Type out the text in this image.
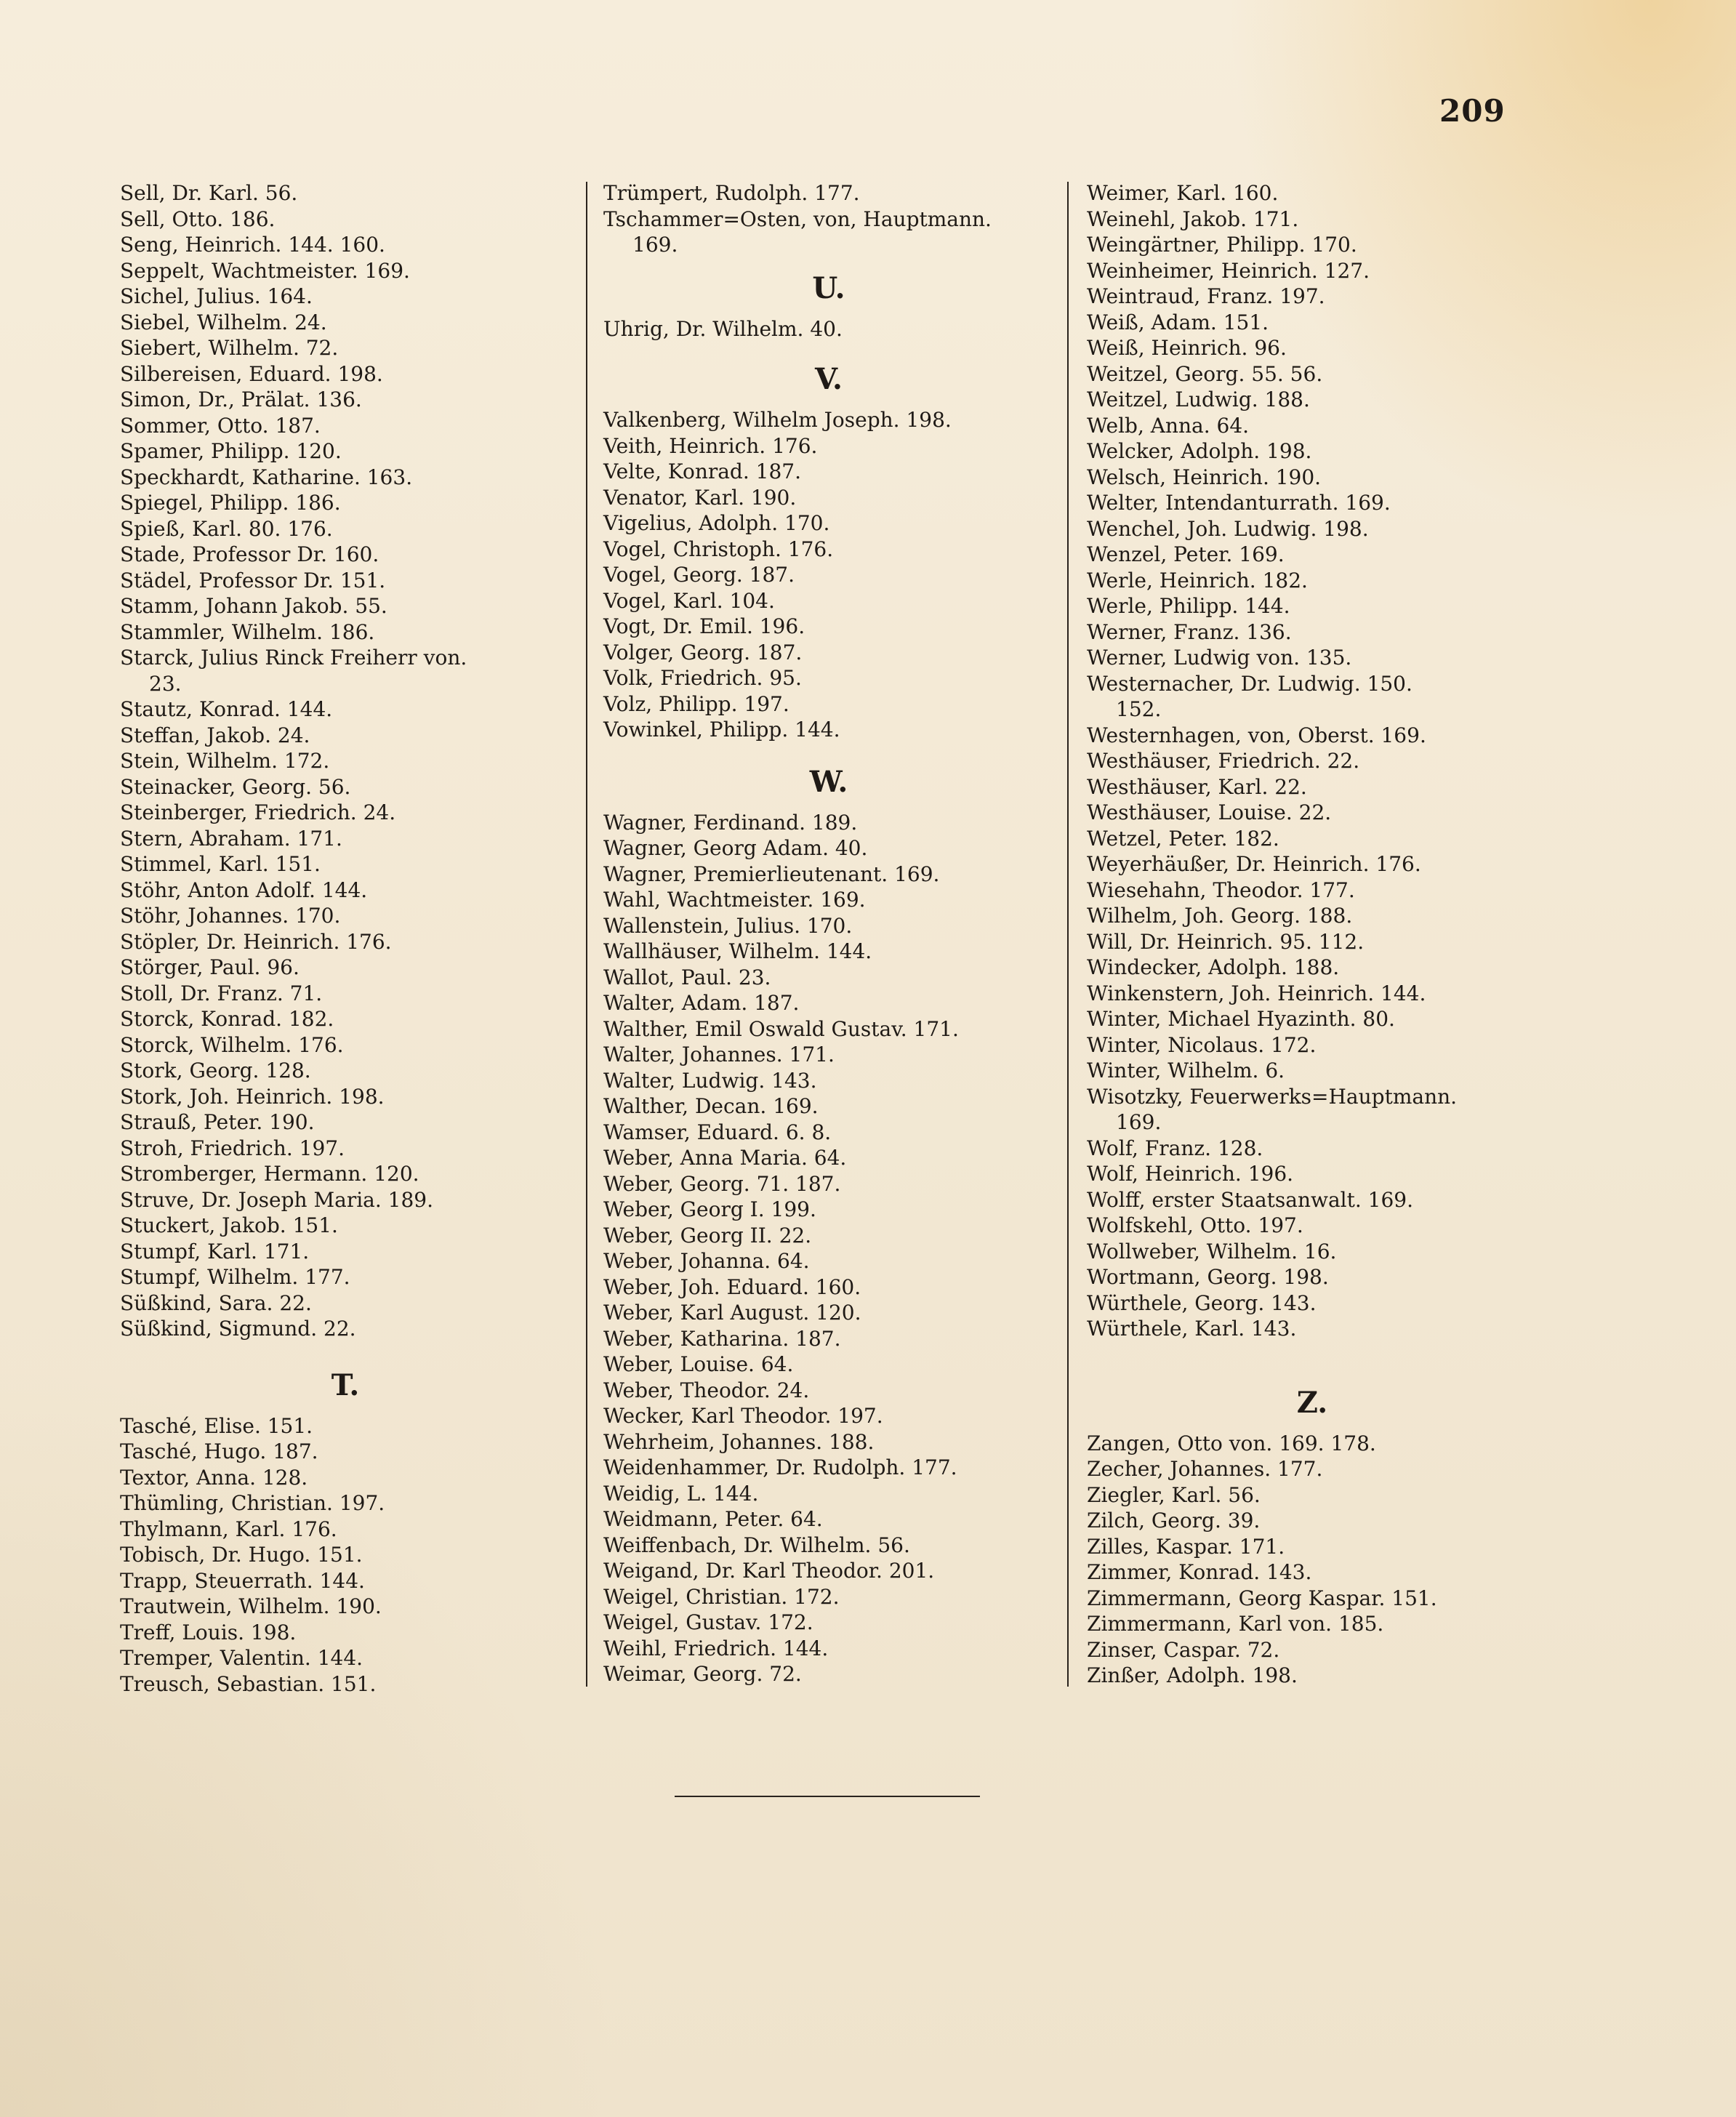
209
Sell, Dr. Karl. 56.
Sell, Otto. 186.
Seng, Heinrich. 144. 160.
Seppelt, Wachtmeister. 169.
Sichel, Julius. 164.
Siebel, Wilhelm. 24.
Siebert, Wilhelm. 72.
Silbereisen, Eduard. 198.
Simon, Dr., Prälat. 136.
Sommer, Otto. 187.
Spamer, Philipp. 120.
Speckhardt, Katharine. 163.
Spiegel, Philipp. 186.
Spieß, Karl. 80. 176.
Stade, Professor Dr. 160.
Städel, Professor Dr. 151.
Stamm, Johann Jakob. 55.
Stammler, Wilhelm. 186.
Starck, Julius Rinck Freiherr von.
23.
Stautz, Konrad. 144.
Steffan, Jakob. 24.
Stein, Wilhelm. 172.
Steinacker, Georg. 56.
Steinberger, Friedrich. 24.
Stern, Abraham. 171.
Stimmel, Karl. 151.
Stöhr, Anton Adolf. 144.
Stöhr, Johannes. 170.
Stöpler, Dr. Heinrich. 176.
Störger, Paul. 96.
Stoll, Dr. Franz. 71.
Storck, Konrad. 182.
Storck, Wilhelm. 176.
Stork, Georg. 128.
Stork, Joh. Heinrich. 198.
Strauß, Peter. 190.
Stroh, Friedrich. 197.
Stromberger, Hermann. 120.
Struve, Dr. Joseph Maria. 189.
Stuckert, Jakob. 151.
Stumpf, Karl. 171.
Stumpf, Wilhelm. 177.
Süßkind, Sara. 22.
Süßkind, Sigmund. 22.
T.
Tasché, Elise. 151.
Tasché, Hugo. 187.
Textor, Anna. 128.
Thümling, Christian. 197.
Thylmann, Karl. 176.
Tobisch, Dr. Hugo. 151.
Trapp, Steuerrath. 144.
Trautwein, Wilhelm. 190.
Treff, Louis. 198.
Tremper, Valentin. 144.
Treusch, Sebastian. 151.
Trümpert, Rudolph. 177.
Tschammer=Osten, von, Hauptmann.
169.
U.
Uhrig, Dr. Wilhelm. 40.
V.
Valkenberg, Wilhelm Joseph. 198.
Veith, Heinrich. 176.
Velte, Konrad. 187.
Venator, Karl. 190.
Vigelius, Adolph. 170.
Vogel, Christoph. 176.
Vogel, Georg. 187.
Vogel, Karl. 104.
Vogt, Dr. Emil. 196.
Volger, Georg. 187.
Volk, Friedrich. 95.
Volz, Philipp. 197.
Vowinkel, Philipp. 144.
W.
Wagner, Ferdinand. 189.
Wagner, Georg Adam. 40.
Wagner, Premierlieutenant. 169.
Wahl, Wachtmeister. 169.
Wallenstein, Julius. 170.
Wallhäuser, Wilhelm. 144.
Wallot, Paul. 23.
Walter, Adam. 187.
Walther, Emil Oswald Gustav. 171.
Walter, Johannes. 171.
Walter, Ludwig. 143.
Walther, Decan. 169.
Wamser, Eduard. 6. 8.
Weber, Anna Maria. 64.
Weber, Georg. 71. 187.
Weber, Georg I. 199.
Weber, Georg II. 22.
Weber, Johanna. 64.
Weber, Joh. Eduard. 160.
Weber, Karl August. 120.
Weber, Katharina. 187.
Weber, Louise. 64.
Weber, Theodor. 24.
Wecker, Karl Theodor. 197.
Wehrheim, Johannes. 188.
Weidenhammer, Dr. Rudolph. 177.
Weidig, L. 144.
Weidmann, Peter. 64.
Weiffenbach, Dr. Wilhelm. 56.
Weigand, Dr. Karl Theodor. 201.
Weigel, Christian. 172.
Weigel, Gustav. 172.
Weihl, Friedrich. 144.
Weimar, Georg. 72.
Weimer, Karl. 160.
Weinehl, Jakob. 171.
Weingärtner, Philipp. 170.
Weinheimer, Heinrich. 127.
Weintraud, Franz. 197.
Weiß, Adam. 151.
Weiß, Heinrich. 96.
Weitzel, Georg. 55. 56.
Weitzel, Ludwig. 188.
Welb, Anna. 64.
Welcker, Adolph. 198.
Welsch, Heinrich. 190.
Welter, Intendanturrath. 169.
Wenchel, Joh. Ludwig. 198.
Wenzel, Peter. 169.
Werle, Heinrich. 182.
Werle, Philipp. 144.
Werner, Franz. 136.
Werner, Ludwig von. 135.
Westernacher, Dr. Ludwig. 150.
152.
Westernhagen, von, Oberst. 169.
Westhäuser, Friedrich. 22.
Westhäuser, Karl. 22.
Westhäuser, Louise. 22.
Wetzel, Peter. 182.
Weyerhäußer, Dr. Heinrich. 176.
Wiesehahn, Theodor. 177.
Wilhelm, Joh. Georg. 188.
Will, Dr. Heinrich. 95. 112.
Windecker, Adolph. 188.
Winkenstern, Joh. Heinrich. 144.
Winter, Michael Hyazinth. 80.
Winter, Nicolaus. 172.
Winter, Wilhelm. 6.
Wisotzky, Feuerwerks=Hauptmann.
169.
Wolf, Franz. 128.
Wolf, Heinrich. 196.
Wolff, erster Staatsanwalt. 169.
Wolfskehl, Otto. 197.
Wollweber, Wilhelm. 16.
Wortmann, Georg. 198.
Würthele, Georg. 143.
Würthele, Karl. 143.
Z.
Zangen, Otto von. 169. 178.
Zecher, Johannes. 177.
Ziegler, Karl. 56.
Zilch, Georg. 39.
Zilles, Kaspar. 171.
Zimmer, Konrad. 143.
Zimmermann, Georg Kaspar. 151.
Zimmermann, Karl von. 185.
Zinser, Caspar. 72.
Zinßer, Adolph. 198.
